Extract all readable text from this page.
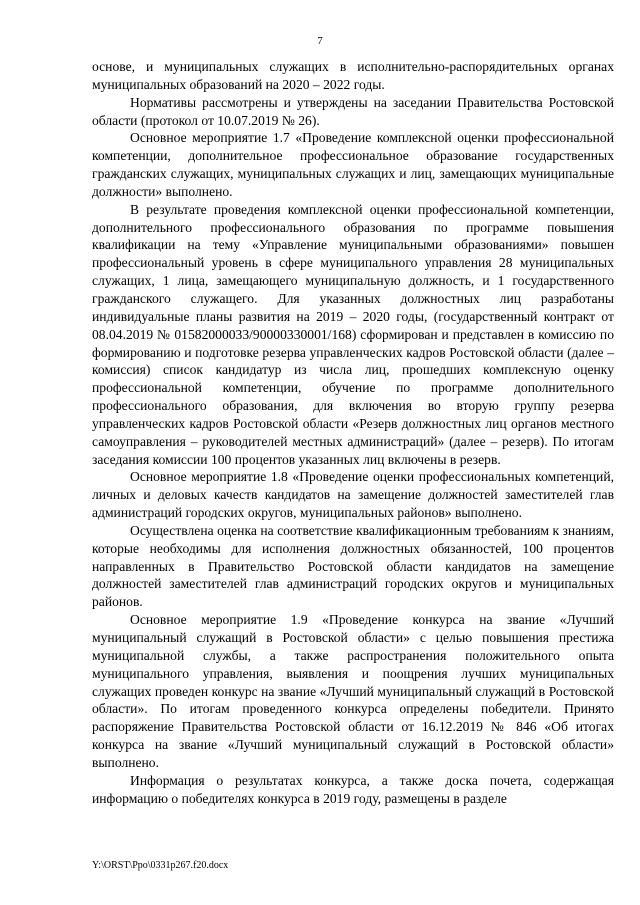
7

основе, и муниципальных служащих в исполнительно-распорядительных органах муниципальных образований на 2020 – 2022 годы.

Нормативы рассмотрены и утверждены на заседании Правительства Ростовской области (протокол от 10.07.2019 № 26).

Основное мероприятие 1.7 «Проведение комплексной оценки профессиональной компетенции, дополнительное профессиональное образование государственных гражданских служащих, муниципальных служащих и лиц, замещающих муниципальные должности» выполнено.

В результате проведения комплексной оценки профессиональной компетенции, дополнительного профессионального образования по программе повышения квалификации на тему «Управление муниципальными образованиями» повышен профессиональный уровень в сфере муниципального управления 28 муниципальных служащих, 1 лица, замещающего муниципальную должность, и 1 государственного гражданского служащего. Для указанных должностных лиц разработаны индивидуальные планы развития на 2019 – 2020 годы, (государственный контракт от 08.04.2019 № 01582000033/90000330001/168) сформирован и представлен в комиссию по формированию и подготовке резерва управленческих кадров Ростовской области (далее – комиссия) список кандидатур из числа лиц, прошедших комплексную оценку профессиональной компетенции, обучение по программе дополнительного профессионального образования, для включения во вторую группу резерва управленческих кадров Ростовской области «Резерв должностных лиц органов местного самоуправления – руководителей местных администраций» (далее – резерв). По итогам заседания комиссии 100 процентов указанных лиц включены в резерв.

Основное мероприятие 1.8 «Проведение оценки профессиональных компетенций, личных и деловых качеств кандидатов на замещение должностей заместителей глав администраций городских округов, муниципальных районов» выполнено.

Осуществлена оценка на соответствие квалификационным требованиям к знаниям, которые необходимы для исполнения должностных обязанностей, 100 процентов направленных в Правительство Ростовской области кандидатов на замещение должностей заместителей глав администраций городских округов и муниципальных районов.

Основное мероприятие 1.9 «Проведение конкурса на звание «Лучший муниципальный служащий в Ростовской области» с целью повышения престижа муниципальной службы, а также распространения положительного опыта муниципального управления, выявления и поощрения лучших муниципальных служащих проведен конкурс на звание «Лучший муниципальный служащий в Ростовской области». По итогам проведенного конкурса определены победители. Принято распоряжение Правительства Ростовской области от 16.12.2019 № 846 «Об итогах конкурса на звание «Лучший муниципальный служащий в Ростовской области» выполнено.

Информация о результатах конкурса, а также доска почета, содержащая информацию о победителях конкурса в 2019 году, размещены в разделе

Y:\ORST\Ppo\0331p267.f20.docx
